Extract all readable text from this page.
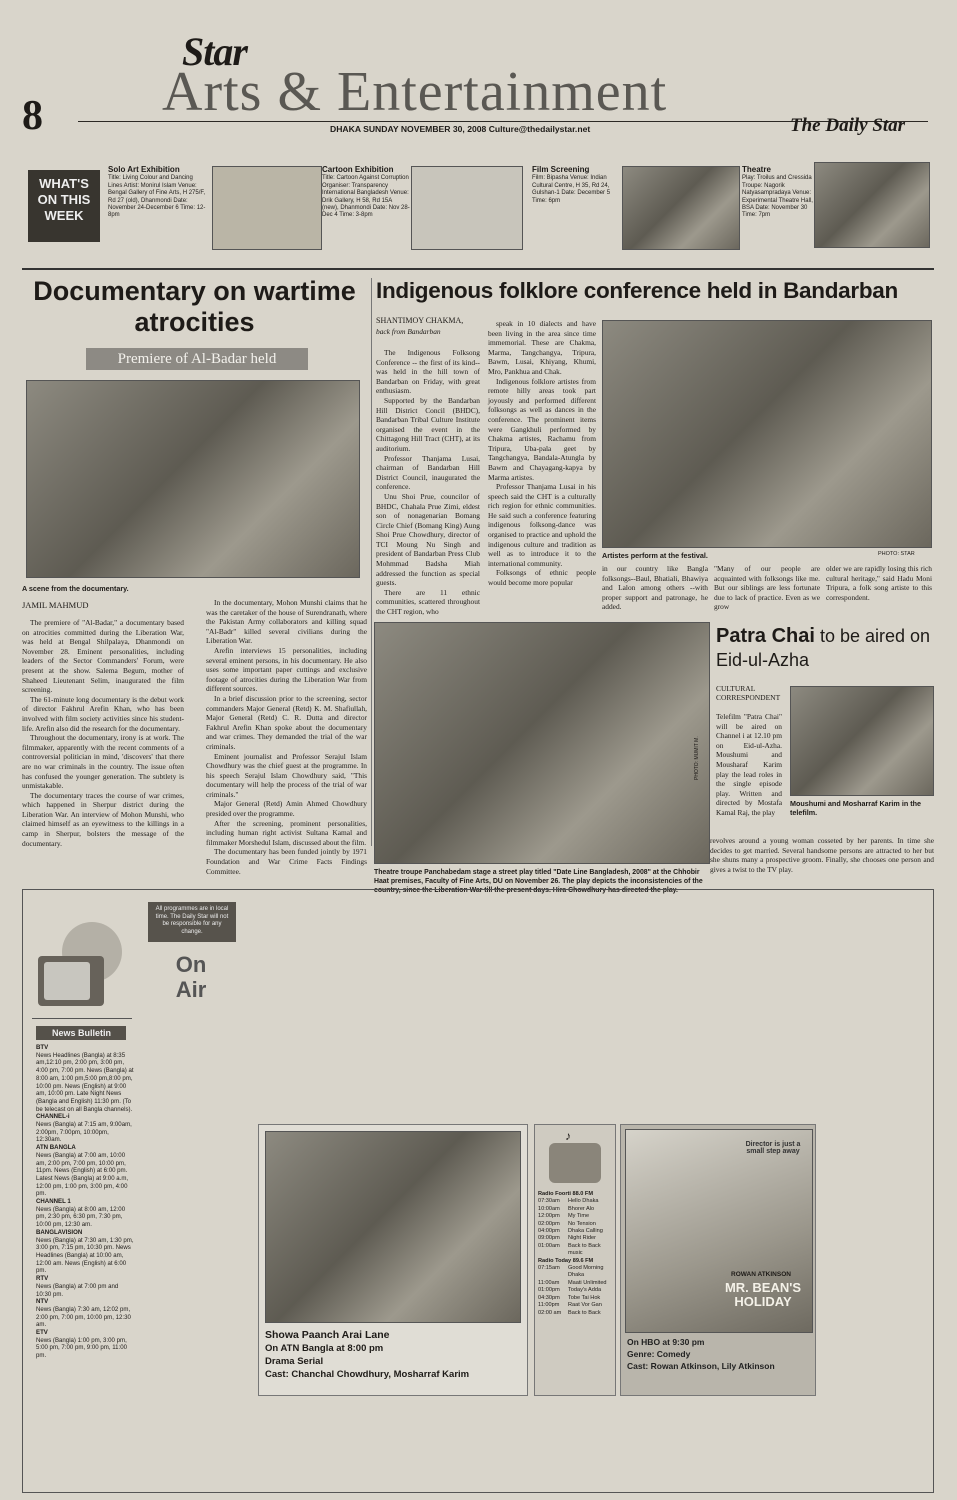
8
Star
Arts & Entertainment
DHAKA SUNDAY NOVEMBER 30, 2008 Culture@thedailystar.net	The Daily Star
WHAT'S ON THIS WEEK
Solo Art Exhibition
Title: Living Colour and Dancing Lines Artist: Monirul Islam Venue: Bengal Gallery of Fine Arts, H 275/F, Rd 27 (old), Dhanmondi Date: November 24-December 6 Time: 12-8pm
Cartoon Exhibition
Title: Cartoon Against Corruption Organiser: Transparency International Bangladesh Venue: Drik Gallery, H 58, Rd 15A (new), Dhanmondi Date: Nov 28-Dec 4 Time: 3-8pm
Film Screening
Film: Bipasha Venue: Indian Cultural Centre, H 35, Rd 24, Gulshan-1 Date: December 5 Time: 6pm
Theatre
Play: Troilus and Cressida Troupe: Nagorik Natyasampradaya Venue: Experimental Theatre Hall, BSA Date: November 30 Time: 7pm
Documentary on wartime atrocities
Premiere of Al-Badar held
A scene from the documentary.
JAMIL MAHMUD

The premiere of "Al-Badar," a documentary based on atrocities committed during the Liberation War, was held at Bengal Shilpalaya, Dhanmondi on November 28. Eminent personalities, including leaders of the Sector Commanders' Forum, were present at the show. Salema Begum, mother of Shaheed Lieutenant Selim, inaugurated the film screening.

The 61-minute long documentary is the debut work of director Fakhrul Arefin Khan, who has been involved with film society activities since his student-life. Arefin also did the research for the documentary.

Throughout the documentary, irony is at work. The filmmaker, apparently with the recent comments of a controversial politician in mind, 'discovers' that there are no war criminals in the country. The issue often has confused the younger generation. The subtlety is unmistakable.

The documentary traces the course of war crimes, which happened in Sherpur district during the Liberation War. An interview of Mohon Munshi, who claimed himself as an eyewitness to the killings in a camp in Sherpur, bolsters the message of the documentary.

In the documentary, Mohon Munshi claims that he was the caretaker of the house of Surendranath, where the Pakistan Army collaborators and killing squad "Al-Badr" killed several civilians during the Liberation War.

Arefin interviews 15 personalities, including several eminent persons, in his documentary. He also uses some important paper cuttings and exclusive footage of atrocities during the Liberation War from different sources.

In a brief discussion prior to the screening, sector commanders Major General (Retd) K. M. Shafiullah, Major General (Retd) C. R. Dutta and director Fakhrul Arefin Khan spoke about the documentary and war crimes. They demanded the trial of the war criminals.

Eminent journalist and Professor Serajul Islam Chowdhury was the chief guest at the programme. In his speech Serajul Islam Chowdhury said, "This documentary will help the process of the trial of war criminals."

Major General (Retd) Amin Ahmed Chowdhury presided over the programme.

After the screening, prominent personalities, including human right activist Sultana Kamal and filmmaker Morshedul Islam, discussed about the film.

The documentary has been funded jointly by 1971 Foundation and War Crime Facts Findings Committee.

Indigenous folklore conference held in Bandarban
SHANTIMOY CHAKMA,
back from Bandarban

The Indigenous Folksong Conference -- the first of its kind-- was held in the hill town of Bandarban on Friday, with great enthusiasm.

Supported by the Bandarban Hill District Concil (BHDC), Bandarban Tribal Culture Institute organised the event in the Chittagong Hill Tract (CHT), at its auditorium.

Professor Thanjama Lusai, chairman of Bandarban Hill District Council, inaugurated the conference.

Unu Shoi Prue, councilor of BHDC, Chahala Prue Zimi, eldest son of nonagenarian Bomang Circle Chief (Bomang King) Aung Shoi Prue Chowdhury, director of TCI Moung Nu Singh and president of Bandarban Press Club Mohmmad Badsha Miah addressed the function as special guests.

There are 11 ethnic communities, scattered throughout the CHT region, who

speak in 10 dialects and have been living in the area since time immemorial. These are Chakma, Marma, Tangchangya, Tripura, Bawm, Lusai, Khiyang, Khumi, Mro, Pankhua and Chak.

Indigenous folklore artistes from remote hilly areas took part joyously and performed different folksongs as well as dances in the conference. The prominent items were Gangkhuli performed by Chakma artistes, Rachamu from Tripura, Uba-pala geet by Tangchangya, Bandala-Atungla by Bawm and Chayagang-kapya by Marma artistes.

Professor Thanjama Lusai in his speech said the CHT is a culturally rich region for ethnic communities. He said such a conference featuring indigenous folksong-dance was organised to practice and uphold the indigenous culture and tradition as well as to introduce it to the international community.

Folksongs of ethnic people would become more popular

Artistes perform at the festival.	PHOTO: STAR
in our country like Bangla folksongs--Baul, Bhatiali, Bhawiya and Lalon among others --with proper support and patronage, he added.
"Many of our people are acquainted with folksongs like me. But our siblings are less fortunate due to lack of practice. Even as we grow
older we are rapidly losing this rich cultural heritage," said Hadu Moni Tripura, a folk song artiste to this correspondent.
PHOTO: MUMIT M.
Theatre troupe Panchabedam stage a street play titled "Date Line Bangladesh, 2008" at the Chhobir Haat premises, Faculty of Fine Arts, DU on November 26. The play depicts the inconsistencies of the country, since the Liberation War till the present days. Hira Chowdhury has directed the play.
Patra Chai to be aired on Eid-ul-Azha
CULTURAL CORRESPONDENT
Telefilm "Patra Chai" will be aired on Channel i at 12.10 pm on Eid-ul-Azha. Moushumi and Mousharaf Karim play the lead roles in the single episode play. Written and directed by Mostafa Kamal Raj, the play
Moushumi and Mosharraf Karim in the telefilm.
revolves around a young woman cosseted by her parents. In time she decides to get married. Several handsome persons are attracted to her but she shuns many a prospective groom. Finally, she chooses one person and gives a twist to the TV play.
All programmes are in local time. The Daily Star will not be responsible for any change.
On Air
News Bulletin
BTV
News Headlines (Bangla) at 8:35 am,12:10 pm, 2:00 pm, 3:00 pm, 4:00 pm, 7:00 pm. News (Bangla) at 8:00 am, 1:00 pm,5:00 pm,8:00 pm, 10:00 pm. News (English) at 9:00 am, 10:00 pm. Late Night News (Bangla and English) 11:30 pm. (To be telecast on all Bangla channels).
CHANNEL-i
News (Bangla) at 7:15 am, 9:00am, 2:00pm, 7:00pm, 10:00pm, 12:30am.
ATN BANGLA
News (Bangla) at 7:00 am, 10:00 am, 2:00 pm, 7:00 pm, 10:00 pm, 11pm. News (English) at 6:00 pm. Latest News (Bangla) at 9:00 a.m, 12:00 pm, 1:00 pm, 3:00 pm, 4:00 pm.
CHANNEL 1
News (Bangla) at 8:00 am, 12:00 pm, 2:30 pm, 6:30 pm, 7:30 pm, 10:00 pm, 12:30 am.
BANGLAVISION
News (Bangla) at 7:30 am, 1:30 pm, 3:00 pm, 7:15 pm, 10:30 pm. News Headlines (Bangla) at 10:00 am, 12:00 am. News (English) at 6:00 pm.
RTV
News (Bangla) at 7:00 pm and 10:30 pm.
NTV
News (Bangla) 7:30 am, 12:02 pm, 2:00 pm, 7:00 pm, 10:00 pm, 12:30 am.
ETV
News (Bangla) 1:00 pm, 3:00 pm, 5:00 pm, 7:00 pm, 9:00 pm, 11:00 pm.
Showa Paanch Arai Lane
On ATN Bangla at 8:00 pm
Drama Serial
Cast: Chanchal Chowdhury, Mosharraf Karim
♪
Radio Foorti 88.0 FM
07:30am	Hello Dhaka
10:00am	Bhorer Alo
12:00pm	My Time
02:00pm	No Tension
04:00pm	Dhaka Calling
09:00pm	Night Rider
01:00am	Back to Back music
Radio Today 89.6 FM
07:15am	Good Morning Dhaka
11:00am	Maati Unlimited
01:00pm	Today's Adda
04:30pm	Tobe Tai Hok
11:00pm	Raat Vor Gan
02:00 am	Back to Back
Director is just a small step away
ROWAN ATKINSON
MR. BEAN'S HOLIDAY
On HBO at 9:30 pm
Genre: Comedy
Cast: Rowan Atkinson, Lily Atkinson
